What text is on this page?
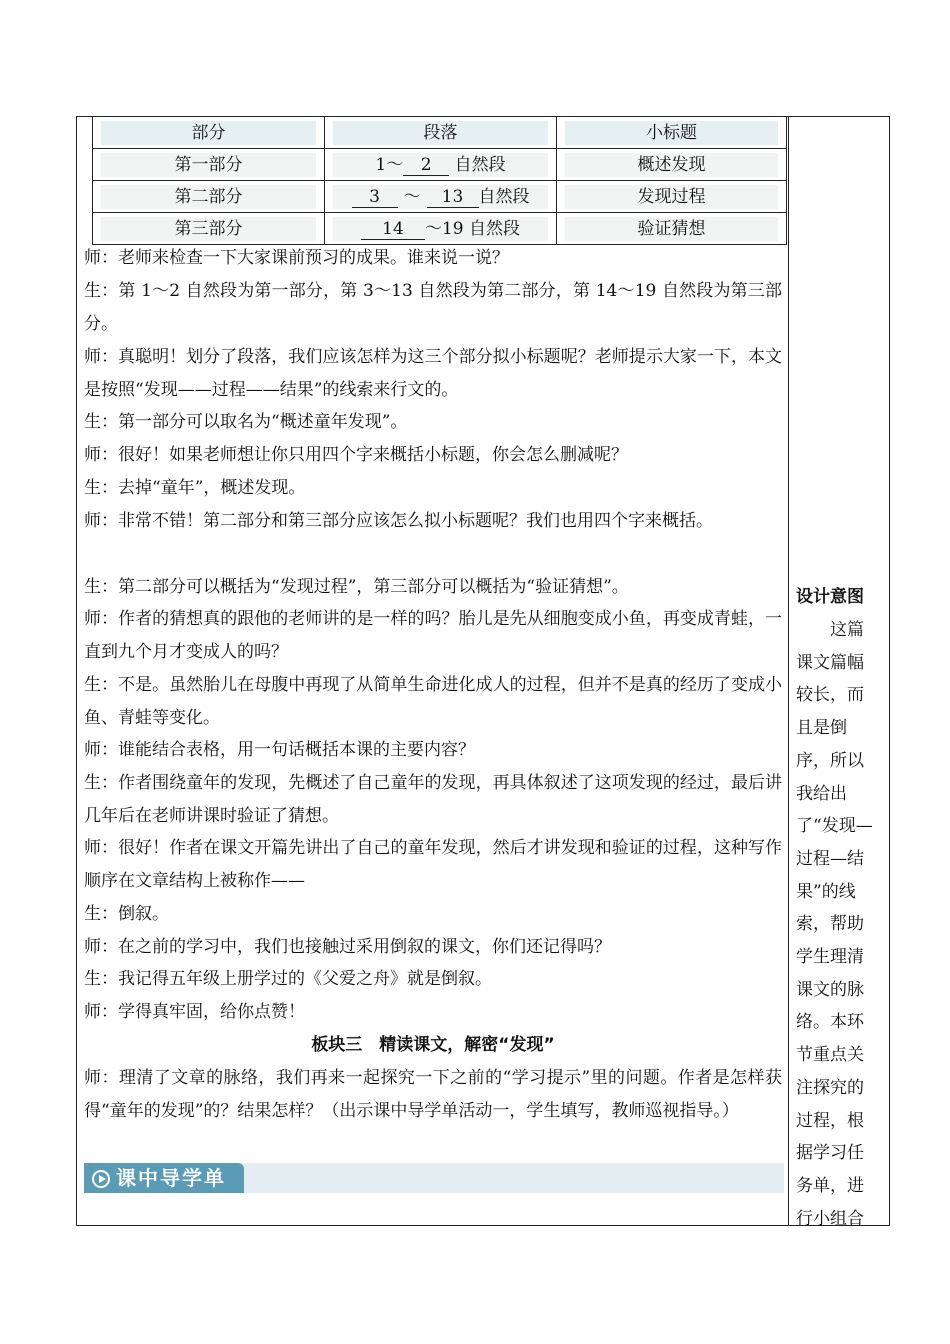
部分	段落	小标题

第一部分	1～ 2 自然段	概述发现

第二部分	3 ～ 13 自然段	发现过程

第三部分	14 ～19 自然段	验证猜想
师：老师来检查一下大家课前预习的成果。谁来说一说？
生：第 1～2 自然段为第一部分，第 3～13 自然段为第二部分，第 14～19 自然段为第三部分。
师：真聪明！划分了段落，我们应该怎样为这三个部分拟小标题呢？老师提示大家一下，本文是按照“发现——过程——结果”的线索来行文的。
生：第一部分可以取名为“概述童年发现”。
师：很好！如果老师想让你只用四个字来概括小标题，你会怎么删减呢？
生：去掉“童年”，概述发现。
师：非常不错！第二部分和第三部分应该怎么拟小标题呢？我们也用四个字来概括。
生：第二部分可以概括为“发现过程”，第三部分可以概括为“验证猜想”。
师：作者的猜想真的跟他的老师讲的是一样的吗？胎儿是先从细胞变成小鱼，再变成青蛙，一直到九个月才变成人的吗？
生：不是。虽然胎儿在母腹中再现了从简单生命进化成人的过程，但并不是真的经历了变成小鱼、青蛙等变化。
师：谁能结合表格，用一句话概括本课的主要内容？
生：作者围绕童年的发现，先概述了自己童年的发现，再具体叙述了这项发现的经过，最后讲几年后在老师讲课时验证了猜想。
师：很好！作者在课文开篇先讲出了自己的童年发现，然后才讲发现和验证的过程，这种写作顺序在文章结构上被称作——
生：倒叙。
师：在之前的学习中，我们也接触过采用倒叙的课文，你们还记得吗？
生：我记得五年级上册学过的《父爱之舟》就是倒叙。
师：学得真牢固，给你点赞！
板块三　精读课文，解密“发现”
师：理清了文章的脉络，我们再来一起探究一下之前的“学习提示”里的问题。作者是怎样获得“童年的发现”的？结果怎样？（出示课中导学单活动一，学生填写，教师巡视指导。）
课中导学单
设计意图
这篇课文篇幅较长，而且是倒序，所以我给出了“发现—过程—结果”的线索，帮助学生理清课文的脉络。本环节重点关注探究的过程，根据学习任务单，进行小组合
